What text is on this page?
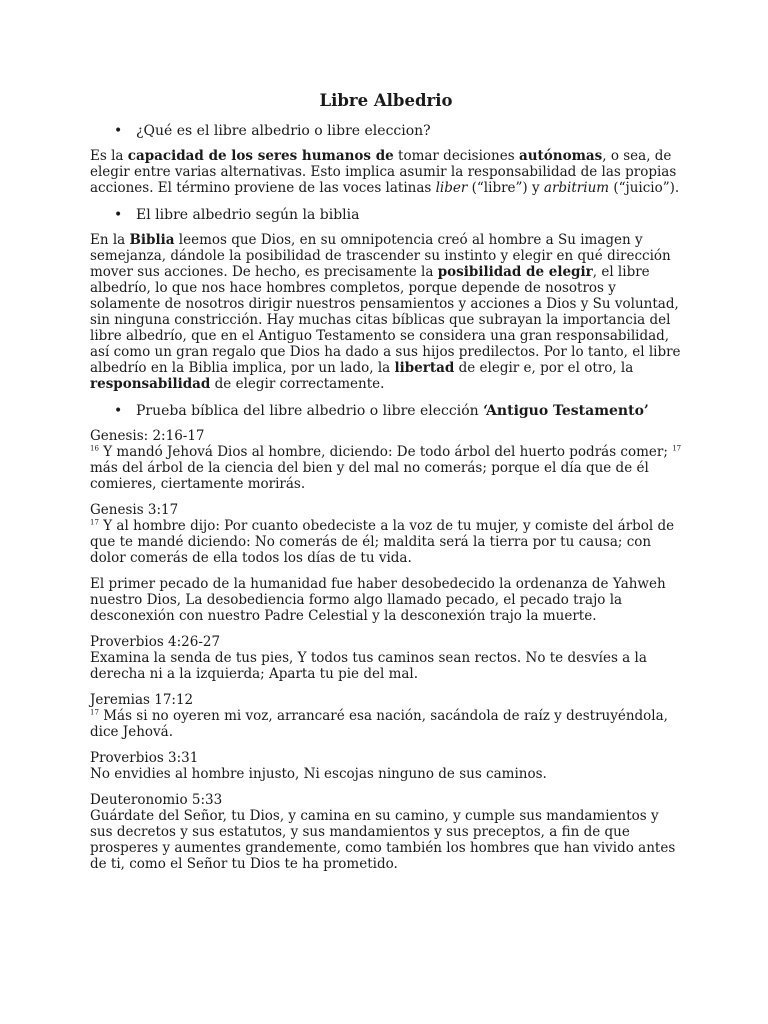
Libre Albedrio
• ¿Qué es el libre albedrio o libre eleccion?

Es la capacidad de los seres humanos de tomar decisiones autónomas, o sea, de elegir entre varias alternativas. Esto implica asumir la responsabilidad de las propias acciones. El término proviene de las voces latinas liber (“libre”) y arbitrium (“juicio”).

• El libre albedrio según la biblia

En la Biblia leemos que Dios, en su omnipotencia creó al hombre a Su imagen y semejanza, dándole la posibilidad de trascender su instinto y elegir en qué dirección mover sus acciones. De hecho, es precisamente la posibilidad de elegir, el libre albedrío, lo que nos hace hombres completos, porque depende de nosotros y solamente de nosotros dirigir nuestros pensamientos y acciones a Dios y Su voluntad, sin ninguna constricción. Hay muchas citas bíblicas que subrayan la importancia del libre albedrío, que en el Antiguo Testamento se considera una gran responsabilidad, así como un gran regalo que Dios ha dado a sus hijos predilectos. Por lo tanto, el libre albedrío en la Biblia implica, por un lado, la libertad de elegir e, por el otro, la responsabilidad de elegir correctamente.

• Prueba bíblica del libre albedrio o libre elección ‘Antiguo Testamento’
Genesis: 2:16-17
$^{16}$ Y mandó Jehová Dios al hombre, diciendo: De todo árbol del huerto podrás comer; $^{17}$ más del árbol de la ciencia del bien y del mal no comerás; porque el día que de él comieres, ciertamente morirás.
Genesis 3:17
$^{17}$ Y al hombre dijo: Por cuanto obedeciste a la voz de tu mujer, y comiste del árbol de que te mandé diciendo: No comerás de él; maldita será la tierra por tu causa; con dolor comerás de ella todos los días de tu vida.

El primer pecado de la humanidad fue haber desobedecido la ordenanza de Yahweh nuestro Dios, La desobediencia formo algo llamado pecado, el pecado trajo la desconexión con nuestro Padre Celestial y la desconexión trajo la muerte.

Proverbios 4:26-27
Examina la senda de tus pies, Y todos tus caminos sean rectos. No te desvíes a la derecha ni a la izquierda; Aparta tu pie del mal.
Jeremias 17:12
$^{17}$ Más si no oyeren mi voz, arrancaré esa nación, sacándola de raíz y destruyéndola, dice Jehová.
Proverbios 3:31
No envidies al hombre injusto, Ni escojas ninguno de sus caminos.
Deuteronomio 5:33
Guárdate del Señor, tu Dios, y camina en su camino, y cumple sus mandamientos y sus decretos y sus estatutos, y sus mandamientos y sus preceptos, a fin de que prosperes y aumentes grandemente, como también los hombres que han vivido antes de ti, como el Señor tu Dios te ha prometido.
